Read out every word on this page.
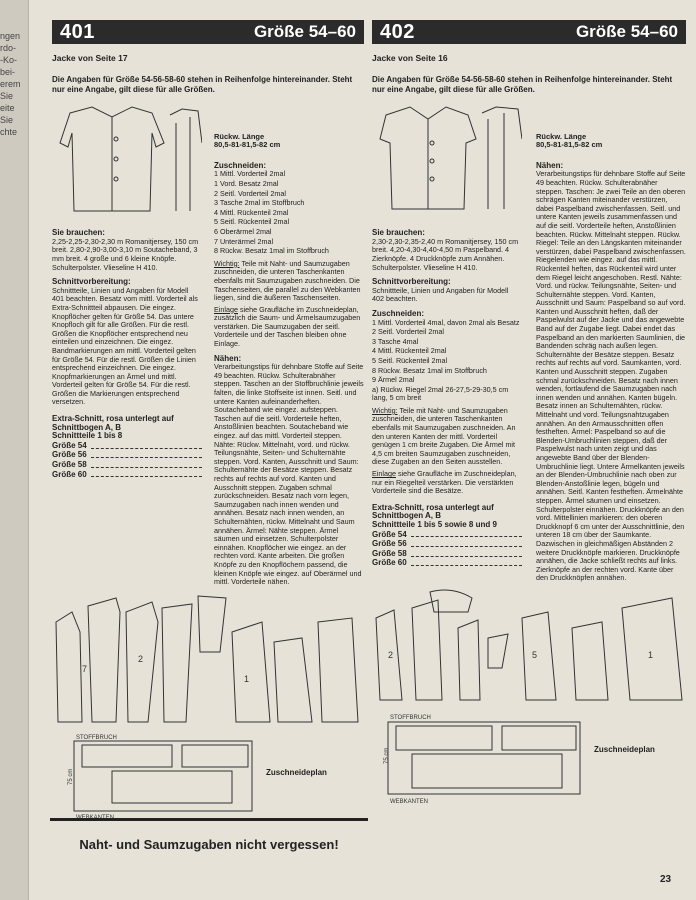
ngen
rdo-
-Ko-
bei-
erem
Sie
eite
Sie
chte
401	Größe 54–60
Jacke von Seite 17
Die Angaben für Größe 54-56-58-60 stehen in Reihenfolge hintereinander. Steht nur eine Angabe, gilt diese für alle Größen.
Sie brauchen:

2,25-2,25-2,30-2,30 m Romanitjersey, 150 cm breit. 2,80-2,90-3,00-3,10 m Soutacheband, 3 mm breit. 4 große und 6 kleine Knöpfe. Schulterpolster. Vlieseline H 410.

Schnittvorbereitung:

Schnittteile, Linien und Angaben für Modell 401 beachten. Besatz vom mittl. Vorderteil als Extra-Schnittteil abpausen. Die eingez. Knopflöcher gelten für Größe 54. Das untere Knopfloch gilt für alle Größen. Für die restl. Größen die Knopflöcher entsprechend neu einteilen und einzeichnen. Die eingez. Bandmarkierungen am mittl. Vorderteil gelten für Größe 54. Für die restl. Größen die Linien entsprechend einzeichnen. Die eingez. Knopfmarkierungen an Ärmel und mittl. Vorderteil gelten für Größe 54. Für die restl. Größen die Markierungen entsprechend versetzen.

Extra-Schnitt, rosa unterlegt auf Schnittbogen A, B
Schnittteile 1 bis 8
Größe 54
Größe 56
Größe 58
Größe 60
Rückw. Länge
80,5-81-81,5-82 cm
Zuschneiden:

1 Mittl. Vorderteil 2mal

1 Vord. Besatz 2mal

2 Seitl. Vorderteil 2mal

3 Tasche 2mal im Stoffbruch

4 Mittl. Rückenteil 2mal

5 Seitl. Rückenteil 2mal

6 Oberärmel 2mal

7 Unterärmel 2mal

8 Rückw. Besatz 1mal im Stoffbruch

Wichtig: Teile mit Naht- und Saumzugaben zuschneiden, die unteren Taschenkanten ebenfalls mit Saumzugaben zuschneiden. Die Taschenseiten, die parallel zu den Webkanten liegen, sind die äußeren Taschenseiten.

Einlage siehe Graufläche im Zuschneideplan, zusätzlich die Saum- und Ärmelsaumzugaben verstärken. Die Saumzugaben der seitl. Vorderteile und der Taschen bleiben ohne Einlage.

Nähen:

Verarbeitungstips für dehnbare Stoffe auf Seite 49 beachten. Rückw. Schulterabnäher steppen. Taschen an der Stoffbruchlinie jeweils falten, die linke Stoffseite ist innen. Seitl. und untere Kanten aufeinanderheften. Soutacheband wie eingez. aufsteppen. Taschen auf die seitl. Vorderteile heften, Anstoßlinien beachten. Soutacheband wie eingez. auf das mittl. Vorderteil steppen. Nähte: Rückw. Mittelnaht, vord. und rückw. Teilungsnähte, Seiten- und Schulternähte steppen. Vord. Kanten, Ausschnitt und Saum: Schulternähte der Besätze steppen. Besatz rechts auf rechts auf vord. Kanten und Ausschnitt steppen. Zugaben schmal zurückschneiden. Besatz nach vorn legen, Saumzugaben nach innen wenden und annähen. Besatz nach innen wenden, an Schulternähten, rückw. Mittelnaht und Saum annähen. Ärmel: Nähte steppen. Ärmel säumen und einsetzen. Schulterpolster einnähen. Knopflöcher wie eingez. an der rechten vord. Kante arbeiten. Die großen Knöpfe zu den Knopflöchern passend, die kleinen Knöpfe wie eingez. auf Oberärmel und mittl. Vorderteile nähen.

7
2
1

75 cm
STOFFBRUCH
WEBKANTEN
Zuschneideplan
402	Größe 54–60
Jacke von Seite 16
Die Angaben für Größe 54-56-58-60 stehen in Reihenfolge hintereinander. Steht nur eine Angabe, gilt diese für alle Größen.
Sie brauchen:

2,30-2,30-2,35-2,40 m Romanitjersey, 150 cm breit. 4,20-4,30-4,40-4,50 m Paspelband. 4 Zierknöpfe. 4 Druckknöpfe zum Annähen. Schulterpolster. Vlieseline H 410.

Schnittvorbereitung:

Schnittteile, Linien und Angaben für Modell 402 beachten.

Zuschneiden:

1 Mittl. Vorderteil 4mal, davon 2mal als Besatz

2 Seitl. Vorderteil 2mal

3 Tasche 4mal

4 Mittl. Rückenteil 2mal

5 Seitl. Rückenteil 2mal

8 Rückw. Besatz 1mal im Stoffbruch

9 Ärmel 2mal

a) Rückw. Riegel 2mal 26-27,5-29-30,5 cm lang, 5 cm breit

Wichtig: Teile mit Naht- und Saumzugaben zuschneiden, die unteren Taschenkanten ebenfalls mit Saumzugaben zuschneiden. An den unteren Kanten der mittl. Vorderteil genügen 1 cm breite Zugaben. Die Ärmel mit 4,5 cm breiten Saumzugaben zuschneiden, diese Zugaben an den Seiten ausstellen.

Einlage siehe Graufläche im Zuschneideplan, nur ein Riegelteil verstärken. Die verstärkten Vorderteile sind die Besätze.

Extra-Schnitt, rosa unterlegt auf Schnittbogen A, B
Schnittteile 1 bis 5 sowie 8 und 9
Größe 54
Größe 56
Größe 58
Größe 60
Rückw. Länge
80,5-81-81,5-82 cm
Nähen:

Verarbeitungstips für dehnbare Stoffe auf Seite 49 beachten. Rückw. Schulterabnäher steppen. Taschen: Je zwei Teile an den oberen schrägen Kanten miteinander verstürzen, dabei Paspelband zwischenfassen. Seitl. und untere Kanten jeweils zusammenfassen und auf die seitl. Vorderteile heften, Anstoßlinien beachten. Rückw. Mittelnaht steppen. Rückw. Riegel: Teile an den Längskanten miteinander verstürzen, dabei Paspelband zwischenfassen. Riegelenden wie eingez. auf das mittl. Rückenteil heften, das Rückenteil wird unter dem Riegel leicht angeschoben. Restl. Nähte: Vord. und rückw. Teilungsnähte, Seiten- und Schulternähte steppen. Vord. Kanten, Ausschnitt und Saum: Paspelband so auf vord. Kanten und Ausschnitt heften, daß der Paspelwulst auf der Jacke und das angewebte Band auf der Zugabe liegt. Dabei endet das Paspelband an den markierten Saumlinien, die Bandenden schräg nach außen legen. Schulternähte der Besätze steppen. Besatz rechts auf rechts auf vord. Saumkanten, vord. Kanten und Ausschnitt steppen. Zugaben schmal zurückschneiden. Besatz nach innen wenden, fortlaufend die Saumzugaben nach innen wenden und annähen. Kanten bügeln. Besatz innen an Schulternähten, rückw. Mittelnaht und vord. Teilungsnahtzugaben annähen. An den Armausschnitten offen festheften. Ärmel: Paspelband so auf die Blenden-Umbruchlinien steppen, daß der Paspelwulst nach unten zeigt und das angewebte Band über der Blenden-Umbruchlinie liegt. Untere Ärmelkanten jeweils an der Blenden-Umbruchlinie nach oben zur Blenden-Anstoßlinie legen, bügeln und annähen. Seitl. Kanten festheften. Ärmelnähte steppen. Ärmel säumen und einsetzen. Schulterpolster einnähen. Druckknöpfe an den vord. Mittellinien markieren: den oberen Druckknopf 6 cm unter der Ausschnittlinie, den unteren 18 cm über der Saumkante. Dazwischen in gleichmäßigen Abständen 2 weitere Druckknöpfe markieren. Druckknöpfe annähen, die Jacke schließt rechts auf links. Zierknöpfe an der rechten vord. Kante über den Druckknöpfen annähen.

2	5	1

75 cm
STOFFBRUCH
WEBKANTEN
Zuschneideplan
Naht- und Saumzugaben nicht vergessen!
23
